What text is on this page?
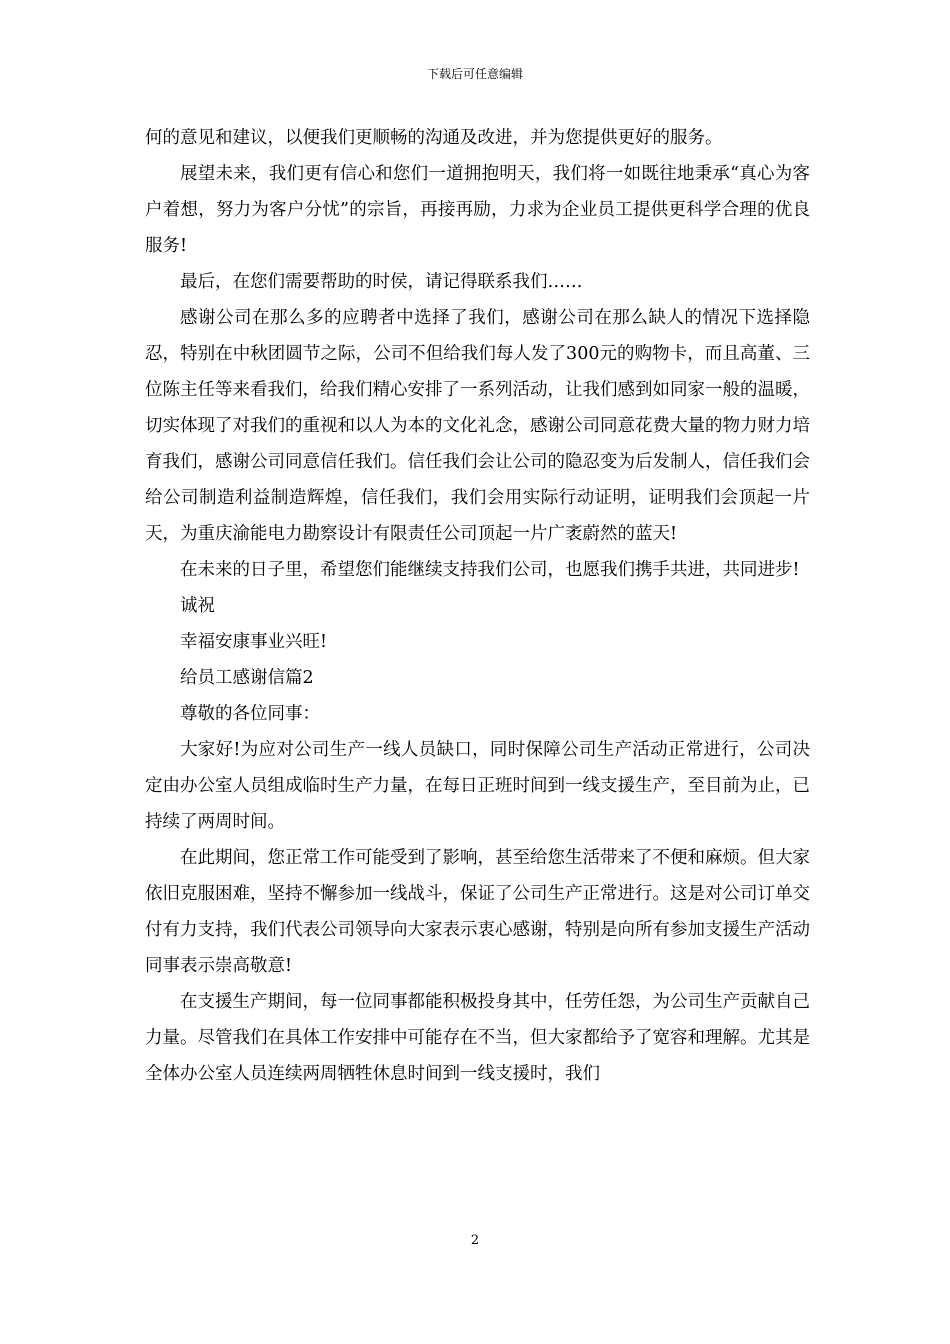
下载后可任意编辑

何的意见和建议，以便我们更顺畅的沟通及改进，并为您提供更好的服务。

展望未来，我们更有信心和您们一道拥抱明天，我们将一如既往地秉承“真心为客户着想，努力为客户分忧”的宗旨，再接再励，力求为企业员工提供更科学合理的优良服务!

最后，在您们需要帮助的时侯，请记得联系我们……

感谢公司在那么多的应聘者中选择了我们，感谢公司在那么缺人的情况下选择隐忍，特别在中秋团圆节之际，公司不但给我们每人发了300元的购物卡，而且高董、三位陈主任等来看我们，给我们精心安排了一系列活动，让我们感到如同家一般的温暖，切实体现了对我们的重视和以人为本的文化礼念，感谢公司同意花费大量的物力财力培育我们，感谢公司同意信任我们。信任我们会让公司的隐忍变为后发制人，信任我们会给公司制造利益制造辉煌，信任我们，我们会用实际行动证明，证明我们会顶起一片天，为重庆渝能电力勘察设计有限责任公司顶起一片广袤蔚然的蓝天!

在未来的日子里，希望您们能继续支持我们公司，也愿我们携手共进，共同进步!

诚祝

幸福安康事业兴旺!

给员工感谢信篇2

尊敬的各位同事：

大家好!为应对公司生产一线人员缺口，同时保障公司生产活动正常进行，公司决定由办公室人员组成临时生产力量，在每日正班时间到一线支援生产，至目前为止，已持续了两周时间。

在此期间，您正常工作可能受到了影响，甚至给您生活带来了不便和麻烦。但大家依旧克服困难，坚持不懈参加一线战斗，保证了公司生产正常进行。这是对公司订单交付有力支持，我们代表公司领导向大家表示衷心感谢，特别是向所有参加支援生产活动同事表示崇高敬意!

在支援生产期间，每一位同事都能积极投身其中，任劳任怨，为公司生产贡献自己力量。尽管我们在具体工作安排中可能存在不当，但大家都给予了宽容和理解。尤其是全体办公室人员连续两周牺牲休息时间到一线支援时，我们

2
